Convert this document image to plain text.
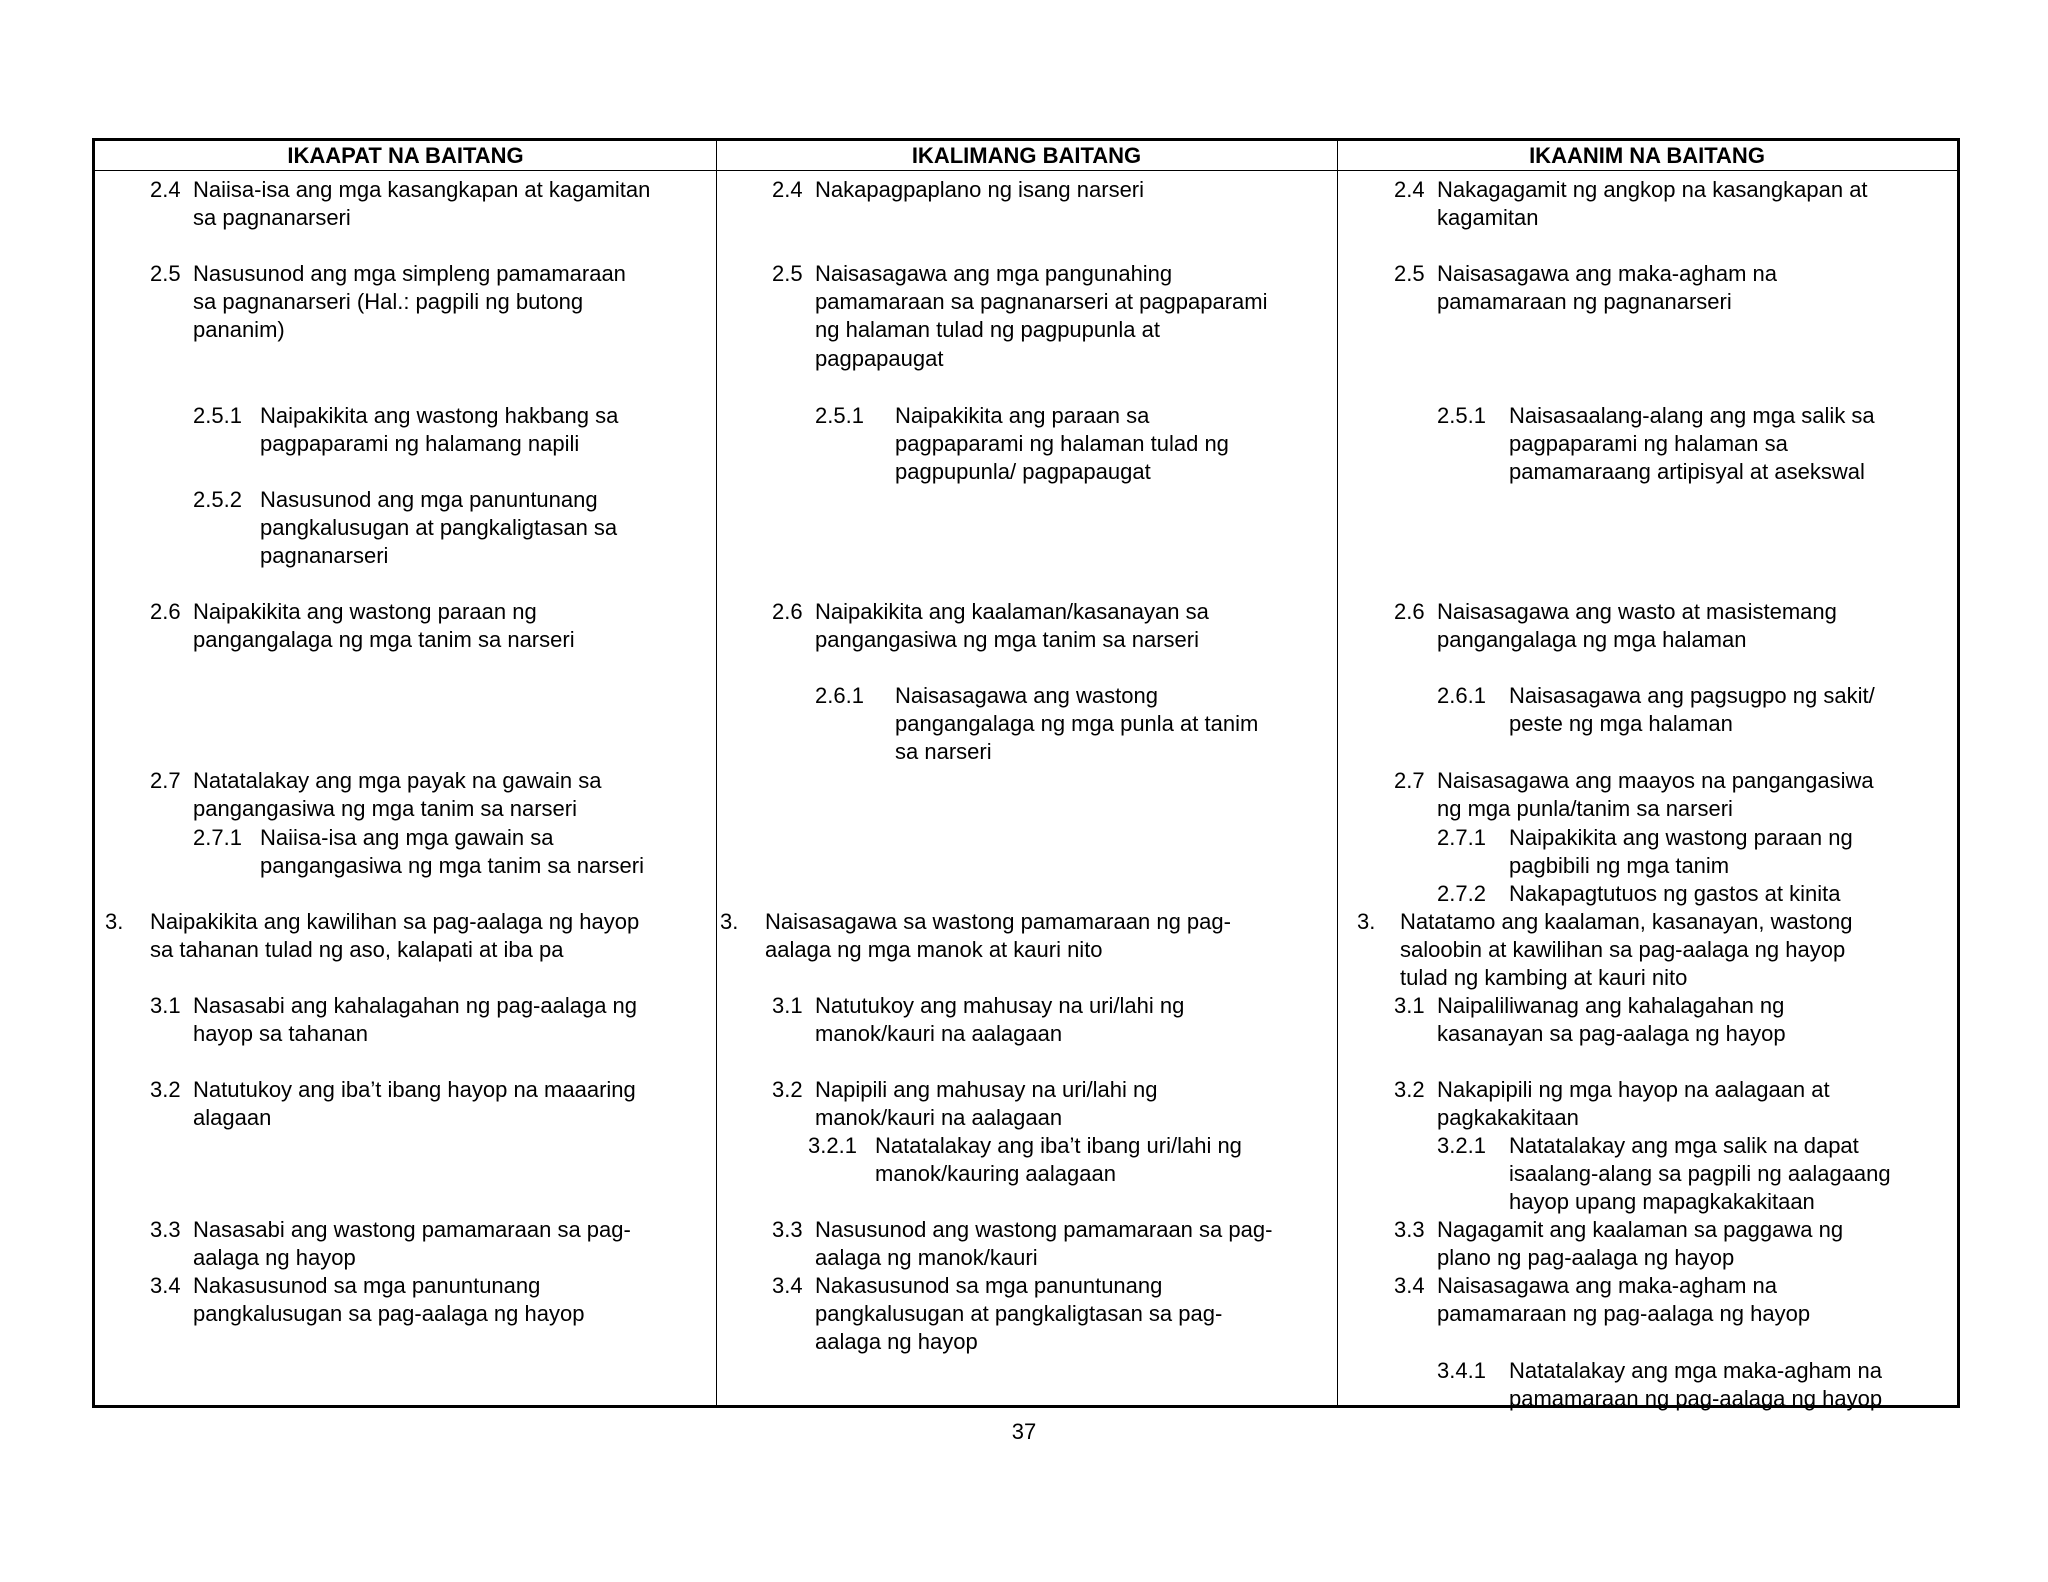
IKAAPAT NA BAITANG	IKALIMANG BAITANG	IKAANIM NA BAITANG
37
2.4 Naiisa-isa ang mga kasangkapan at kagamitan
sa pagnanarseri
2.5 Nasusunod ang mga simpleng pamamaraan
sa pagnanarseri (Hal.: pagpili ng butong
pananim)
2.5.1 Naipakikita ang wastong hakbang sa
pagpaparami ng halamang napili
2.5.2 Nasusunod ang mga panuntunang
pangkalusugan at pangkaligtasan sa
pagnanarseri
2.6 Naipakikita ang wastong paraan ng
pangangalaga ng mga tanim sa narseri
2.7 Natatalakay ang mga payak na gawain sa
pangangasiwa ng mga tanim sa narseri
2.7.1 Naiisa-isa ang mga gawain sa
pangangasiwa ng mga tanim sa narseri
3. Naipakikita ang kawilihan sa pag-aalaga ng hayop
sa tahanan tulad ng aso, kalapati at iba pa
3.1 Nasasabi ang kahalagahan ng pag-aalaga ng
hayop sa tahanan
3.2 Natutukoy ang iba’t ibang hayop na maaaring
alagaan
3.3 Nasasabi ang wastong pamamaraan sa pag-
aalaga ng hayop
3.4 Nakasusunod sa mga panuntunang
pangkalusugan sa pag-aalaga ng hayop
2.4 Nakapagpaplano ng isang narseri
2.5 Naisasagawa ang mga pangunahing
pamamaraan sa pagnanarseri at pagpaparami
ng halaman tulad ng pagpupunla at
pagpapaugat
2.5.1 Naipakikita ang paraan sa
pagpaparami ng halaman tulad ng
pagpupunla/ pagpapaugat
2.6 Naipakikita ang kaalaman/kasanayan sa
pangangasiwa ng mga tanim sa narseri
2.6.1 Naisasagawa ang wastong
pangangalaga ng mga punla at tanim
sa narseri
3. Naisasagawa sa wastong pamamaraan ng pag-
aalaga ng mga manok at kauri nito
3.1 Natutukoy ang mahusay na uri/lahi ng
manok/kauri na aalagaan
3.2 Napipili ang mahusay na uri/lahi ng
manok/kauri na aalagaan
3.2.1 Natatalakay ang iba’t ibang uri/lahi ng
manok/kauring aalagaan
3.3 Nasusunod ang wastong pamamaraan sa pag-
aalaga ng manok/kauri
3.4 Nakasusunod sa mga panuntunang
pangkalusugan at pangkaligtasan sa pag-
aalaga ng hayop
2.4 Nakagagamit ng angkop na kasangkapan at
kagamitan
2.5 Naisasagawa ang maka-agham na
pamamaraan ng pagnanarseri
2.5.1 Naisasaalang-alang ang mga salik sa
pagpaparami ng halaman sa
pamamaraang artipisyal at asekswal
2.6 Naisasagawa ang wasto at masistemang
pangangalaga ng mga halaman
2.6.1 Naisasagawa ang pagsugpo ng sakit/
peste ng mga halaman
2.7 Naisasagawa ang maayos na pangangasiwa
ng mga punla/tanim sa narseri
2.7.1 Naipakikita ang wastong paraan ng
pagbibili ng mga tanim
2.7.2 Nakapagtutuos ng gastos at kinita
3. Natatamo ang kaalaman, kasanayan, wastong
saloobin at kawilihan sa pag-aalaga ng hayop
tulad ng kambing at kauri nito
3.1 Naipaliliwanag ang kahalagahan ng
kasanayan sa pag-aalaga ng hayop
3.2 Nakapipili ng mga hayop na aalagaan at
pagkakakitaan
3.2.1 Natatalakay ang mga salik na dapat
isaalang-alang sa pagpili ng aalagaang
hayop upang mapagkakakitaan
3.3 Nagagamit ang kaalaman sa paggawa ng
plano ng pag-aalaga ng hayop
3.4 Naisasagawa ang maka-agham na
pamamaraan ng pag-aalaga ng hayop
3.4.1 Natatalakay ang mga maka-agham na
pamamaraan ng pag-aalaga ng hayop
